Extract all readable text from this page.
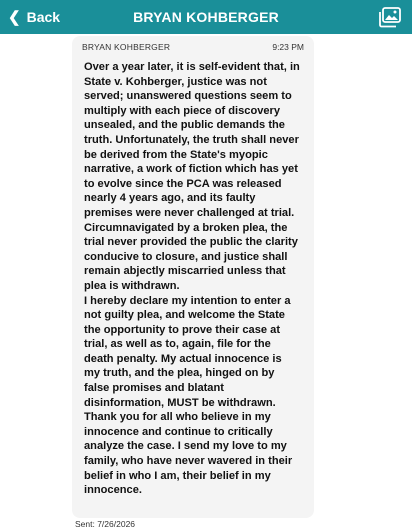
❮ Back	BRYAN KOHBERGER
BRYAN KOHBERGER	9:23 PM

Over a year later, it is self-evident that, in State v. Kohberger, justice was not served; unanswered questions seem to multiply with each piece of discovery unsealed, and the public demands the truth. Unfortunately, the truth shall never be derived from the State's myopic narrative, a work of fiction which has yet to evolve since the PCA was released nearly 4 years ago, and its faulty premises were never challenged at trial. Circumnavigated by a broken plea, the trial never provided the public the clarity conducive to closure, and justice shall remain abjectly miscarried unless that plea is withdrawn.

I hereby declare my intention to enter a not guilty plea, and welcome the State the opportunity to prove their case at trial, as well as to, again, file for the death penalty. My actual innocence is my truth, and the plea, hinged on by false promises and blatant disinformation, MUST be withdrawn. Thank you for all who believe in my innocence and continue to critically analyze the case. I send my love to my family, who have never wavered in their belief in who I am, their belief in my innocence.

Sent: 7/26/2026
